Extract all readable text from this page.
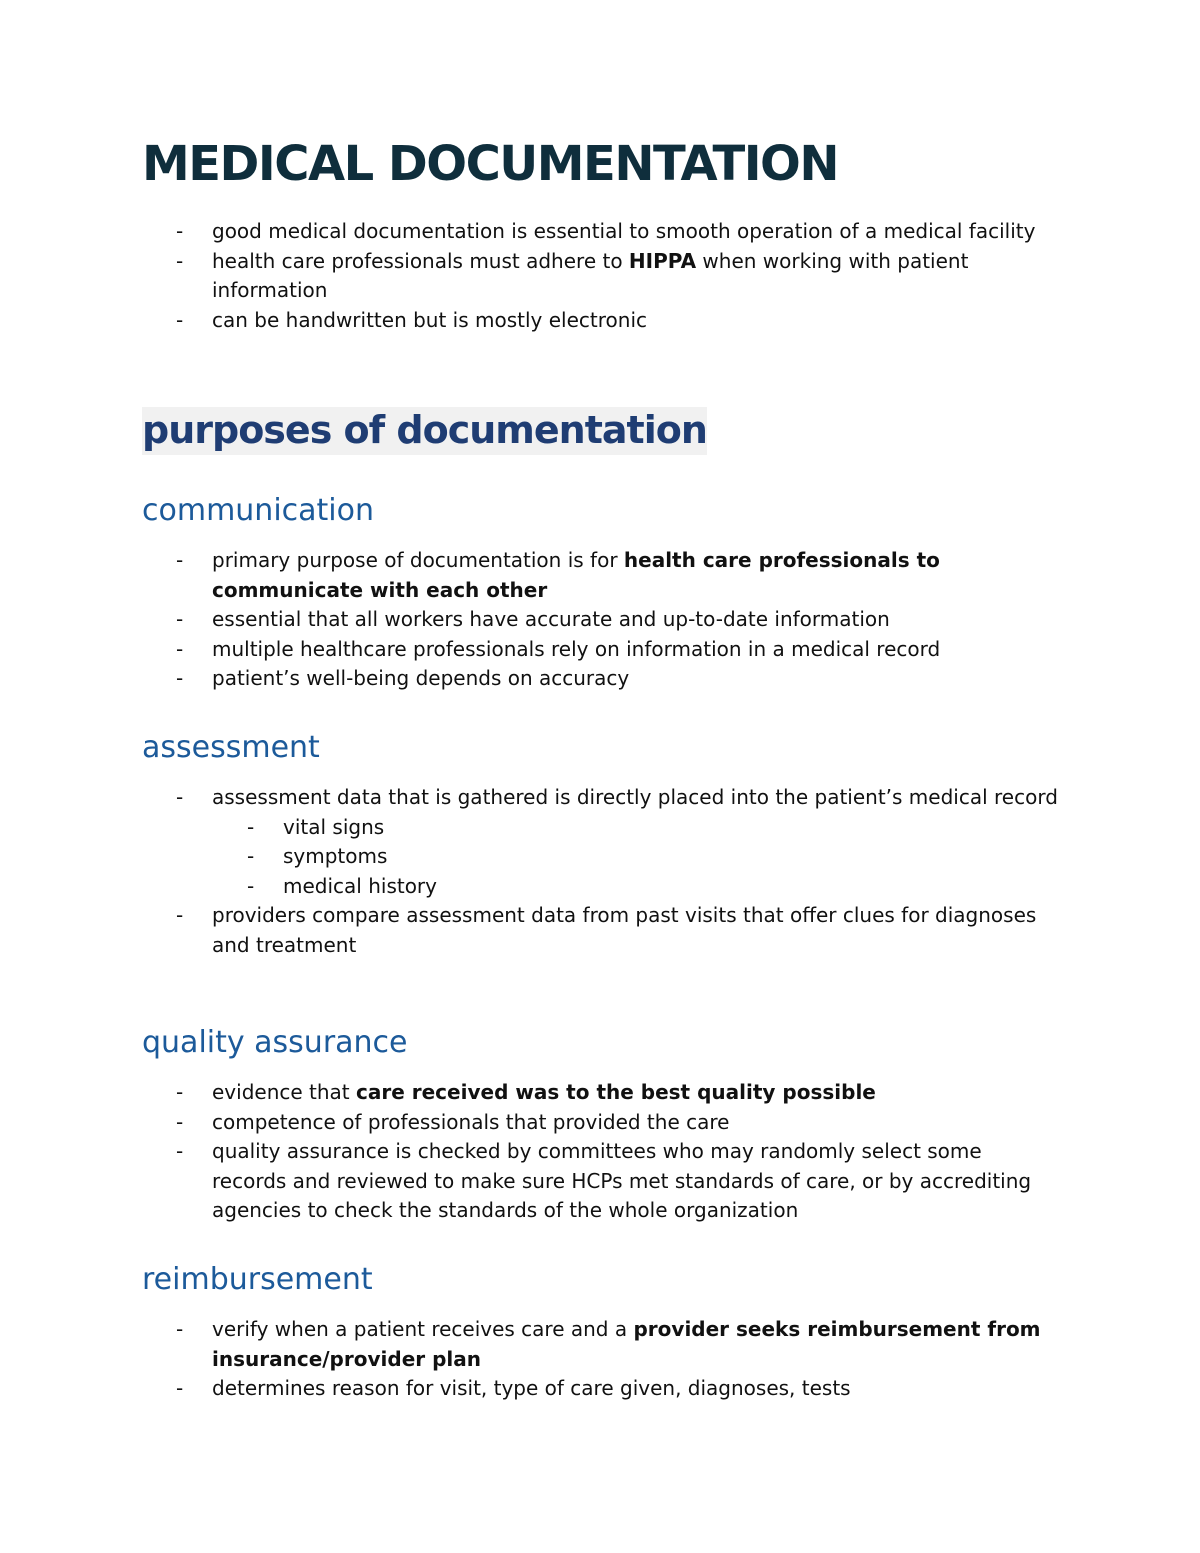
MEDICAL DOCUMENTATION
- good medical documentation is essential to smooth operation of a medical facility
- health care professionals must adhere to HIPPA when working with patient information
- can be handwritten but is mostly electronic
purposes of documentation
communication
- primary purpose of documentation is for health care professionals to communicate with each other
- essential that all workers have accurate and up-to-date information
- multiple healthcare professionals rely on information in a medical record
- patient’s well-being depends on accuracy
assessment
- assessment data that is gathered is directly placed into the patient’s medical record
- vital signs
- symptoms
- medical history
- providers compare assessment data from past visits that offer clues for diagnoses and treatment
quality assurance
- evidence that care received was to the best quality possible
- competence of professionals that provided the care
- quality assurance is checked by committees who may randomly select some records and reviewed to make sure HCPs met standards of care, or by accrediting agencies to check the standards of the whole organization
reimbursement
- verify when a patient receives care and a provider seeks reimbursement from insurance/provider plan
- determines reason for visit, type of care given, diagnoses, tests
